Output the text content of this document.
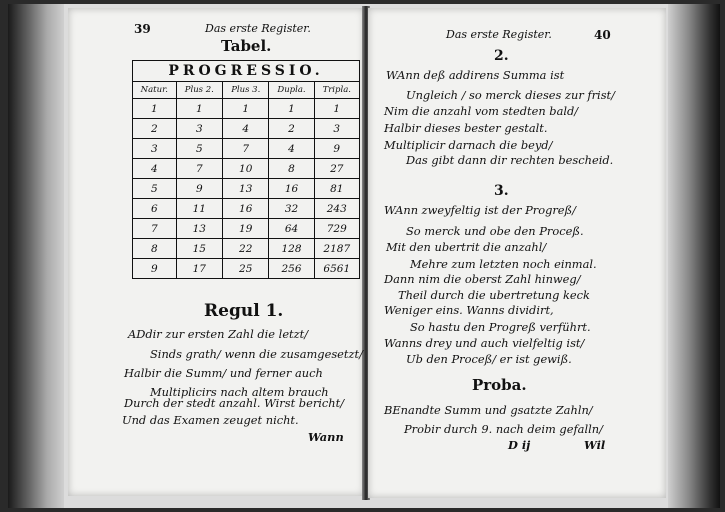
39	Das erste Register.
Tabel.
PROGRESSIO.				
Natur.	Plus 2.	Plus 3.	Dupla.	Tripla.
1	1	1	1	1
2	3	4	2	3
3	5	7	4	9
4	7	10	8	27
5	9	13	16	81
6	11	16	32	243
7	13	19	64	729
8	15	22	128	2187
9	17	25	256	6561
Regul 1.
ADdir zur ersten Zahl die letzt/
Sinds grath/ wenn die zusamgesetzt/
Halbir die Summ/ und ferner auch
Multiplicirs nach altem brauch
Durch der stedt anzahl. Wirst bericht/
Und das Examen zeuget nicht.
Wann
Das erste Register.	40
2.
WAnn deß addirens Summa ist
Ungleich / so merck dieses zur frist/
Nim die anzahl vom stedten bald/
Halbir dieses bester gestalt.
Multiplicir darnach die beyd/
Das gibt dann dir rechten bescheid.
3.
WAnn zweyfeltig ist der Progreß/
So merck und obe den Proceß.
Mit den ubertrit die anzahl/
Mehre zum letzten noch einmal.
Dann nim die oberst Zahl hinweg/
Theil durch die ubertretung keck
Weniger eins. Wanns dividirt,
So hastu den Progreß verführt.
Wanns drey und auch vielfeltig ist/
Ub den Proceß/ er ist gewiß.
Proba.
BEnandte Summ und gsatzte Zahln/
Probir durch 9. nach deim gefalln/
D ij	Wil
